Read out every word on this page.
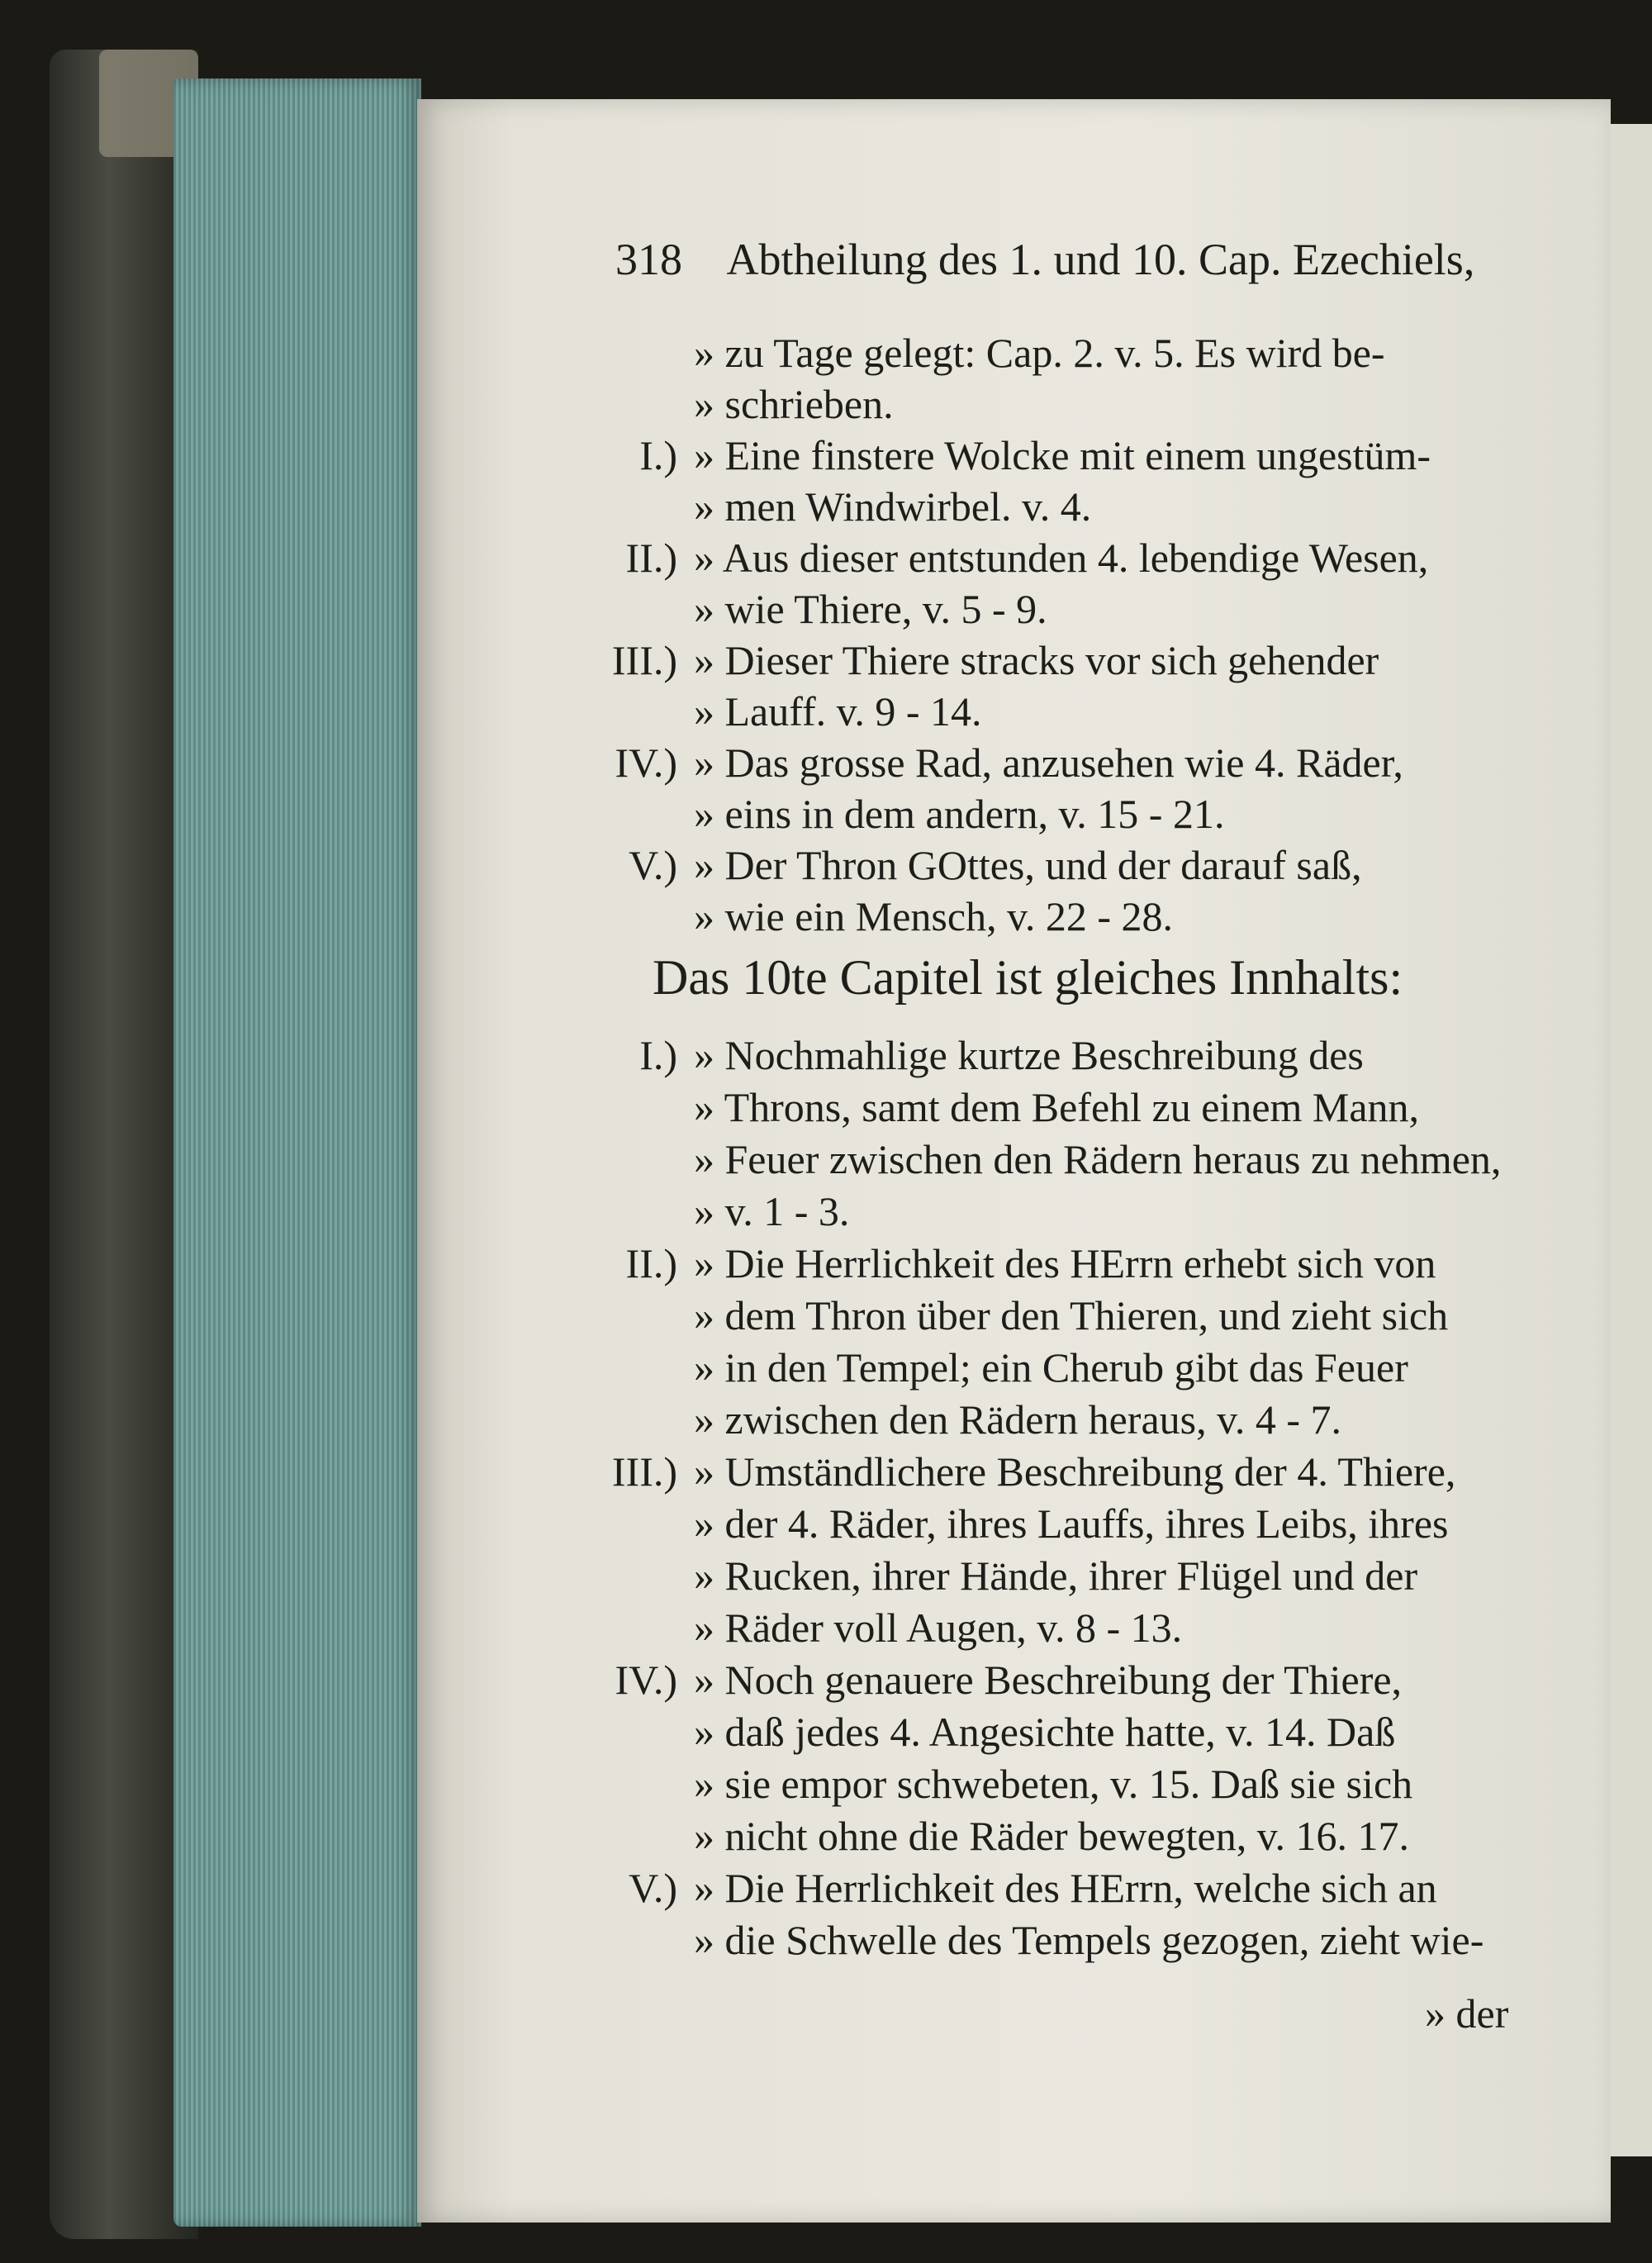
318 Abtheilung des 1. und 10. Cap. Ezechiels,
» zu Tage gelegt: Cap. 2. v. 5. Es wird be-
» schrieben.
I.) » Eine finstere Wolcke mit einem ungestüm-
» men Windwirbel. v. 4.
II.) » Aus dieser entstunden 4. lebendige Wesen,
» wie Thiere, v. 5 - 9.
III.) » Dieser Thiere stracks vor sich gehender
» Lauff. v. 9 - 14.
IV.) » Das grosse Rad, anzusehen wie 4. Räder,
» eins in dem andern, v. 15 - 21.
V.) » Der Thron GOttes, und der darauf saß,
» wie ein Mensch, v. 22 - 28.
Das 10te Capitel ist gleiches Innhalts:
I.) » Nochmahlige kurtze Beschreibung des
» Throns, samt dem Befehl zu einem Mann,
» Feuer zwischen den Rädern heraus zu nehmen,
» v. 1 - 3.
II.) » Die Herrlichkeit des HErrn erhebt sich von
» dem Thron über den Thieren, und zieht sich
» in den Tempel; ein Cherub gibt das Feuer
» zwischen den Rädern heraus, v. 4 - 7.
III.) » Umständlichere Beschreibung der 4. Thiere,
» der 4. Räder, ihres Lauffs, ihres Leibs, ihres
» Rucken, ihrer Hände, ihrer Flügel und der
» Räder voll Augen, v. 8 - 13.
IV.) » Noch genauere Beschreibung der Thiere,
» daß jedes 4. Angesichte hatte, v. 14. Daß
» sie empor schwebeten, v. 15. Daß sie sich
» nicht ohne die Räder bewegten, v. 16. 17.
V.) » Die Herrlichkeit des HErrn, welche sich an
» die Schwelle des Tempels gezogen, zieht wie-
» der
